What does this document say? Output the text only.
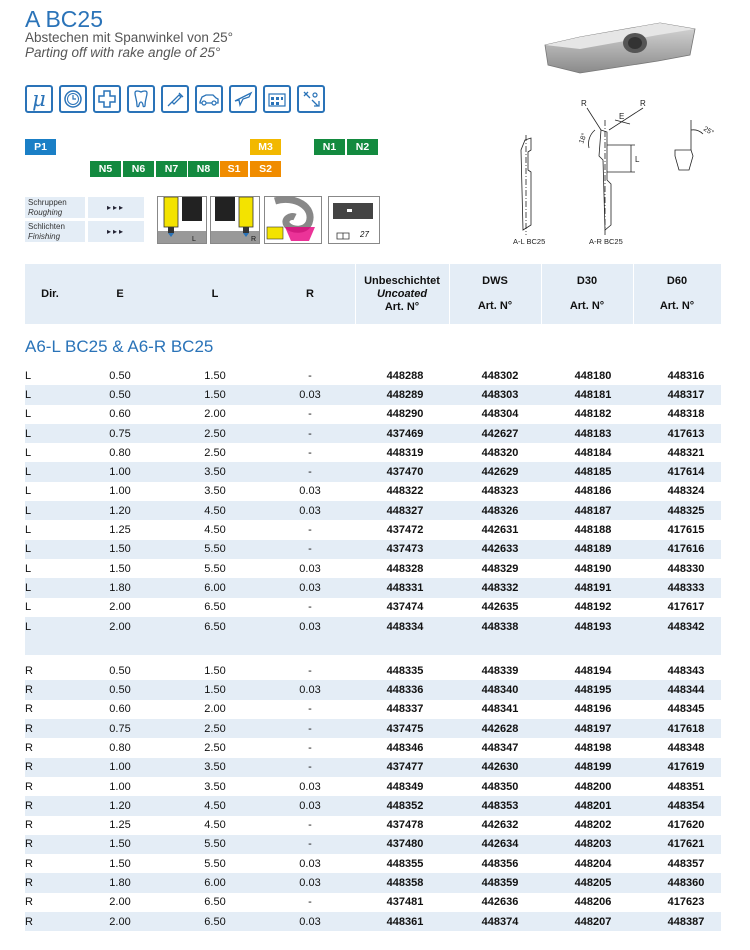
A BC25
Abstechen mit Spanwinkel von 25°
Parting off with rake angle of 25°
μ
P1	M3	N1	N2
N5	N6	N7	N8	S1	S2
Schruppen
Roughing	▸▸▸
Schlichten
Finishing	▸▸▸
L	R
27
R	R
E
L
18°
25°
A-L BC25	A-R BC25
Dir.	E	L	R
Unbeschichtet
Uncoated
Art. N°
DWS
Art. N°
D30
Art. N°
D60
Art. N°
A6-L BC25 & A6-R BC25
L	0.50	1.50	-	448288	448302	448180	448316
L	0.50	1.50	0.03	448289	448303	448181	448317
L	0.60	2.00	-	448290	448304	448182	448318
L	0.75	2.50	-	437469	442627	448183	417613
L	0.80	2.50	-	448319	448320	448184	448321
L	1.00	3.50	-	437470	442629	448185	417614
L	1.00	3.50	0.03	448322	448323	448186	448324
L	1.20	4.50	0.03	448327	448326	448187	448325
L	1.25	4.50	-	437472	442631	448188	417615
L	1.50	5.50	-	437473	442633	448189	417616
L	1.50	5.50	0.03	448328	448329	448190	448330
L	1.80	6.00	0.03	448331	448332	448191	448333
L	2.00	6.50	-	437474	442635	448192	417617
L	2.00	6.50	0.03	448334	448338	448193	448342
R	0.50	1.50	-	448335	448339	448194	448343
R	0.50	1.50	0.03	448336	448340	448195	448344
R	0.60	2.00	-	448337	448341	448196	448345
R	0.75	2.50	-	437475	442628	448197	417618
R	0.80	2.50	-	448346	448347	448198	448348
R	1.00	3.50	-	437477	442630	448199	417619
R	1.00	3.50	0.03	448349	448350	448200	448351
R	1.20	4.50	0.03	448352	448353	448201	448354
R	1.25	4.50	-	437478	442632	448202	417620
R	1.50	5.50	-	437480	442634	448203	417621
R	1.50	5.50	0.03	448355	448356	448204	448357
R	1.80	6.00	0.03	448358	448359	448205	448360
R	2.00	6.50	-	437481	442636	448206	417623
R	2.00	6.50	0.03	448361	448374	448207	448387
